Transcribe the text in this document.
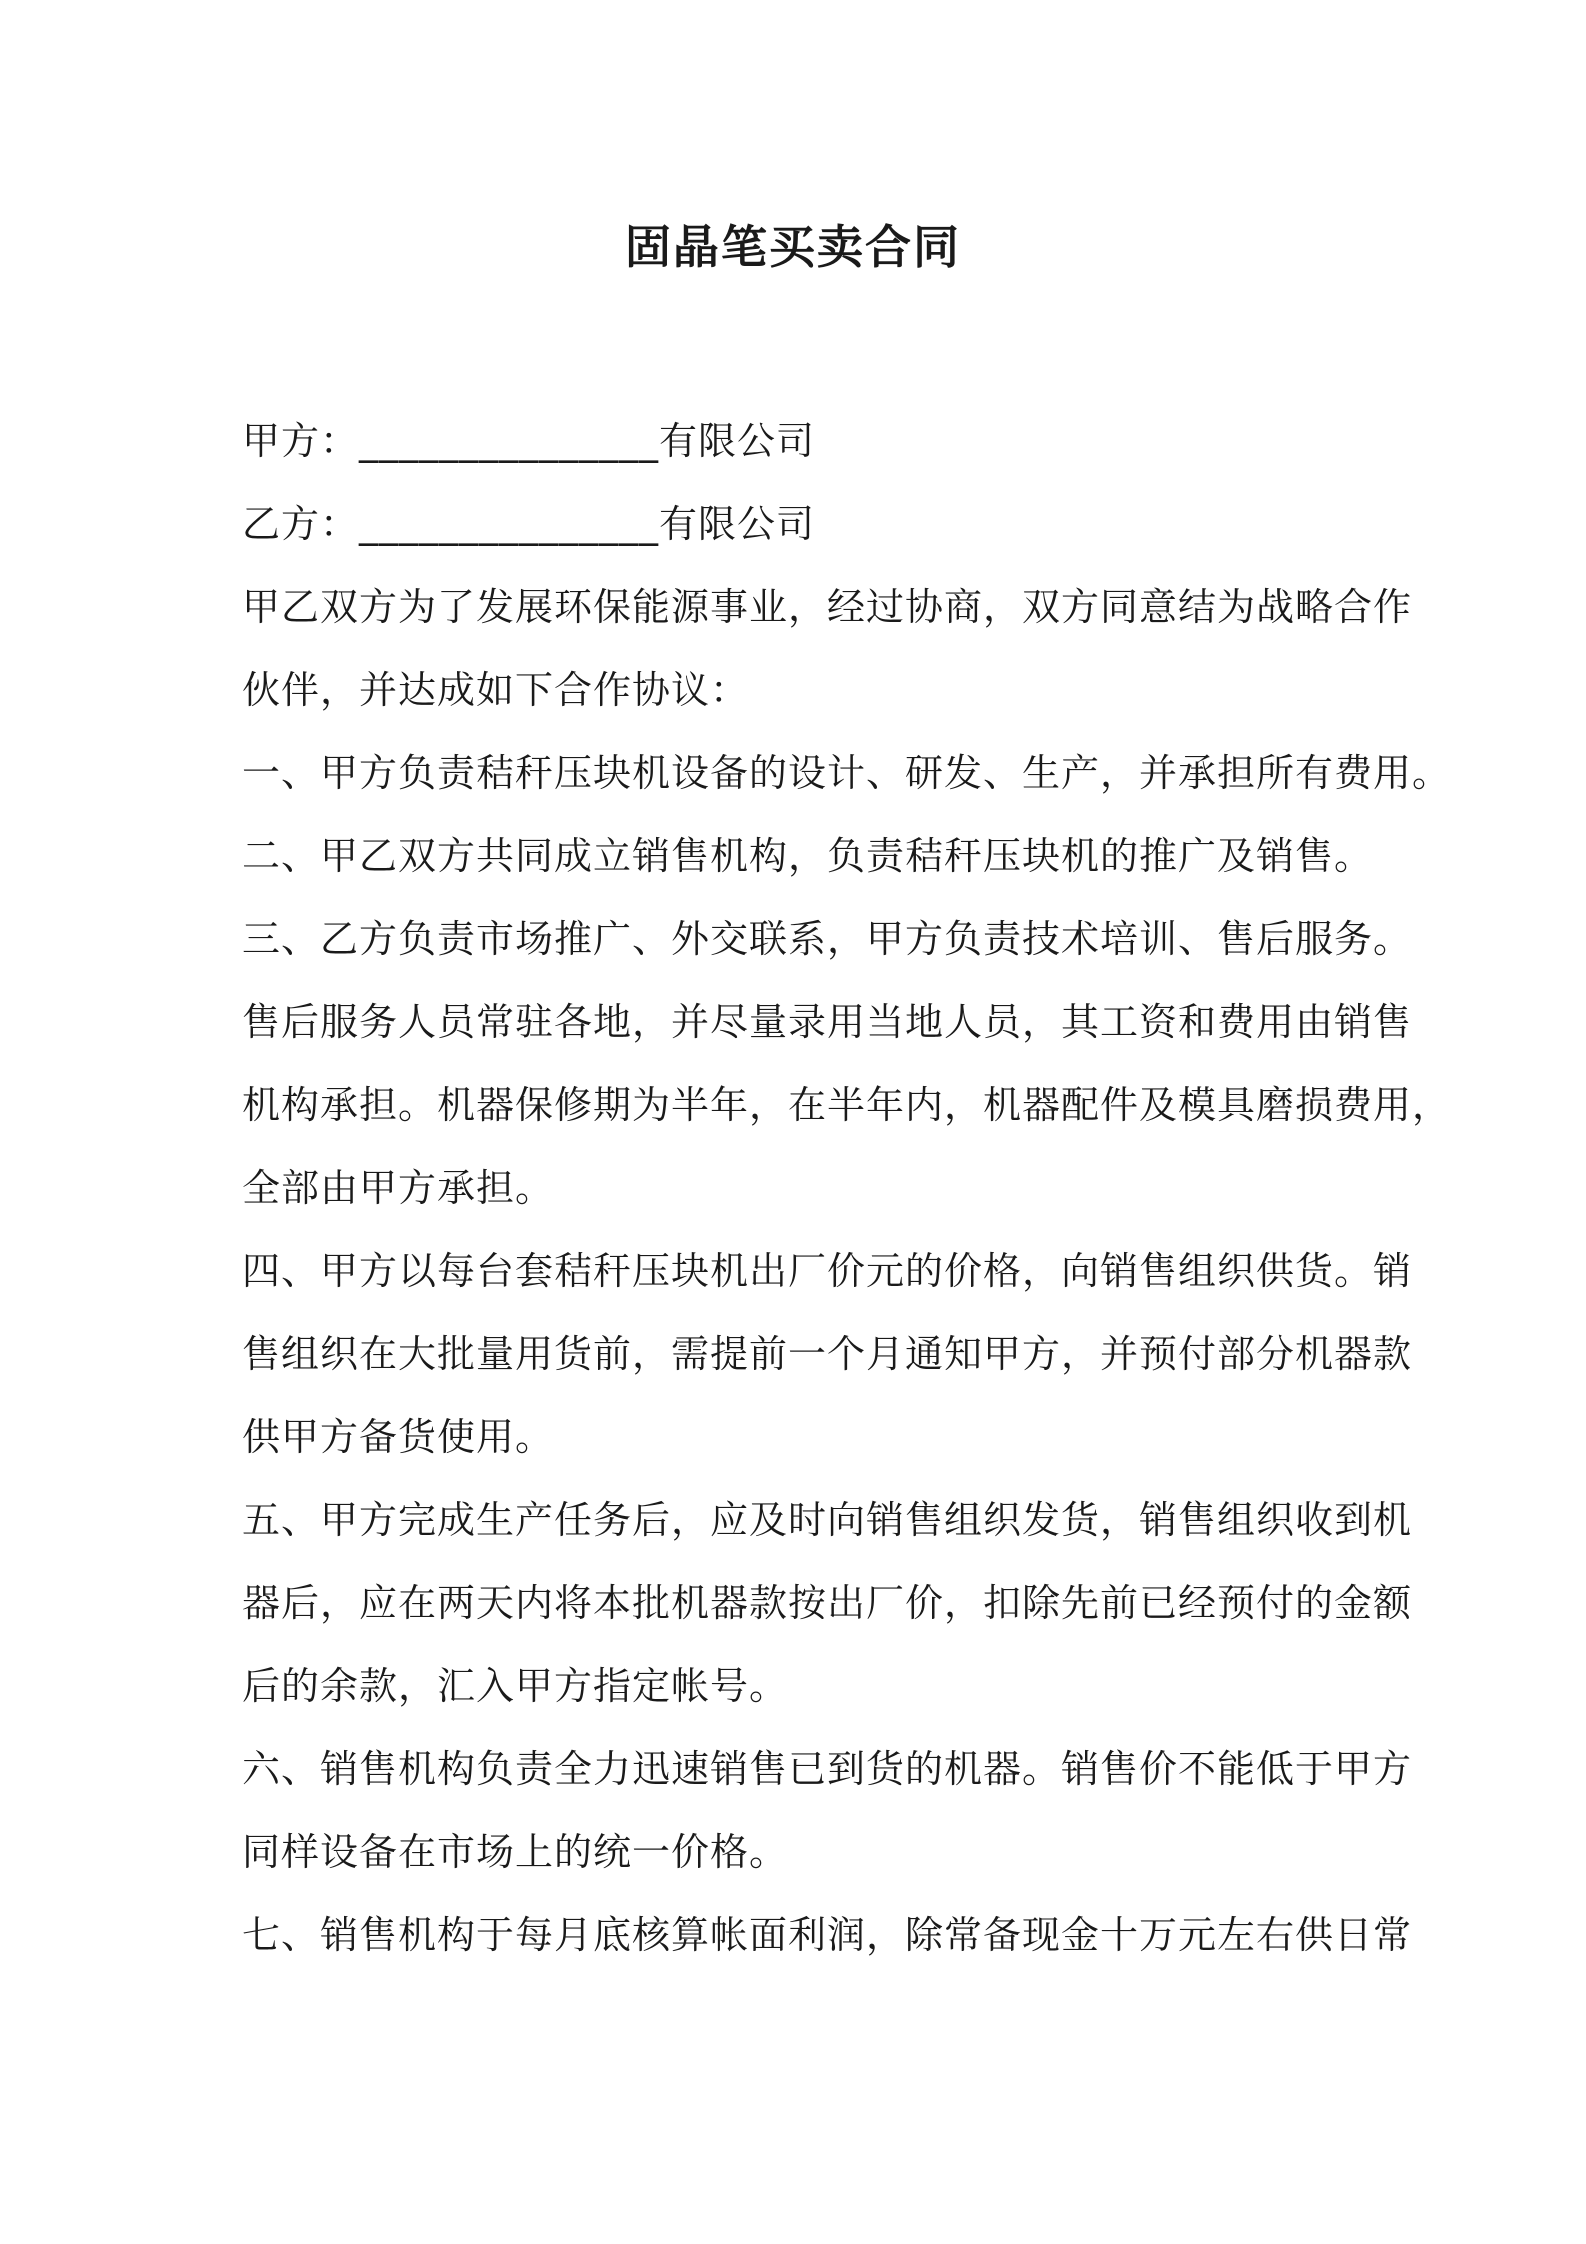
固晶笔买卖合同
甲方：_______________有限公司
乙方：_______________有限公司
甲乙双方为了发展环保能源事业，经过协商，双方同意结为战略合作
伙伴，并达成如下合作协议：
一、甲方负责秸秆压块机设备的设计、研发、生产，并承担所有费用。
二、甲乙双方共同成立销售机构，负责秸秆压块机的推广及销售。
三、乙方负责市场推广、外交联系，甲方负责技术培训、售后服务。
售后服务人员常驻各地，并尽量录用当地人员，其工资和费用由销售
机构承担。机器保修期为半年，在半年内，机器配件及模具磨损费用，
全部由甲方承担。
四、甲方以每台套秸秆压块机出厂价元的价格，向销售组织供货。销
售组织在大批量用货前，需提前一个月通知甲方，并预付部分机器款
供甲方备货使用。
五、甲方完成生产任务后，应及时向销售组织发货，销售组织收到机
器后，应在两天内将本批机器款按出厂价，扣除先前已经预付的金额
后的余款，汇入甲方指定帐号。
六、销售机构负责全力迅速销售已到货的机器。销售价不能低于甲方
同样设备在市场上的统一价格。
七、销售机构于每月底核算帐面利润，除常备现金十万元左右供日常
